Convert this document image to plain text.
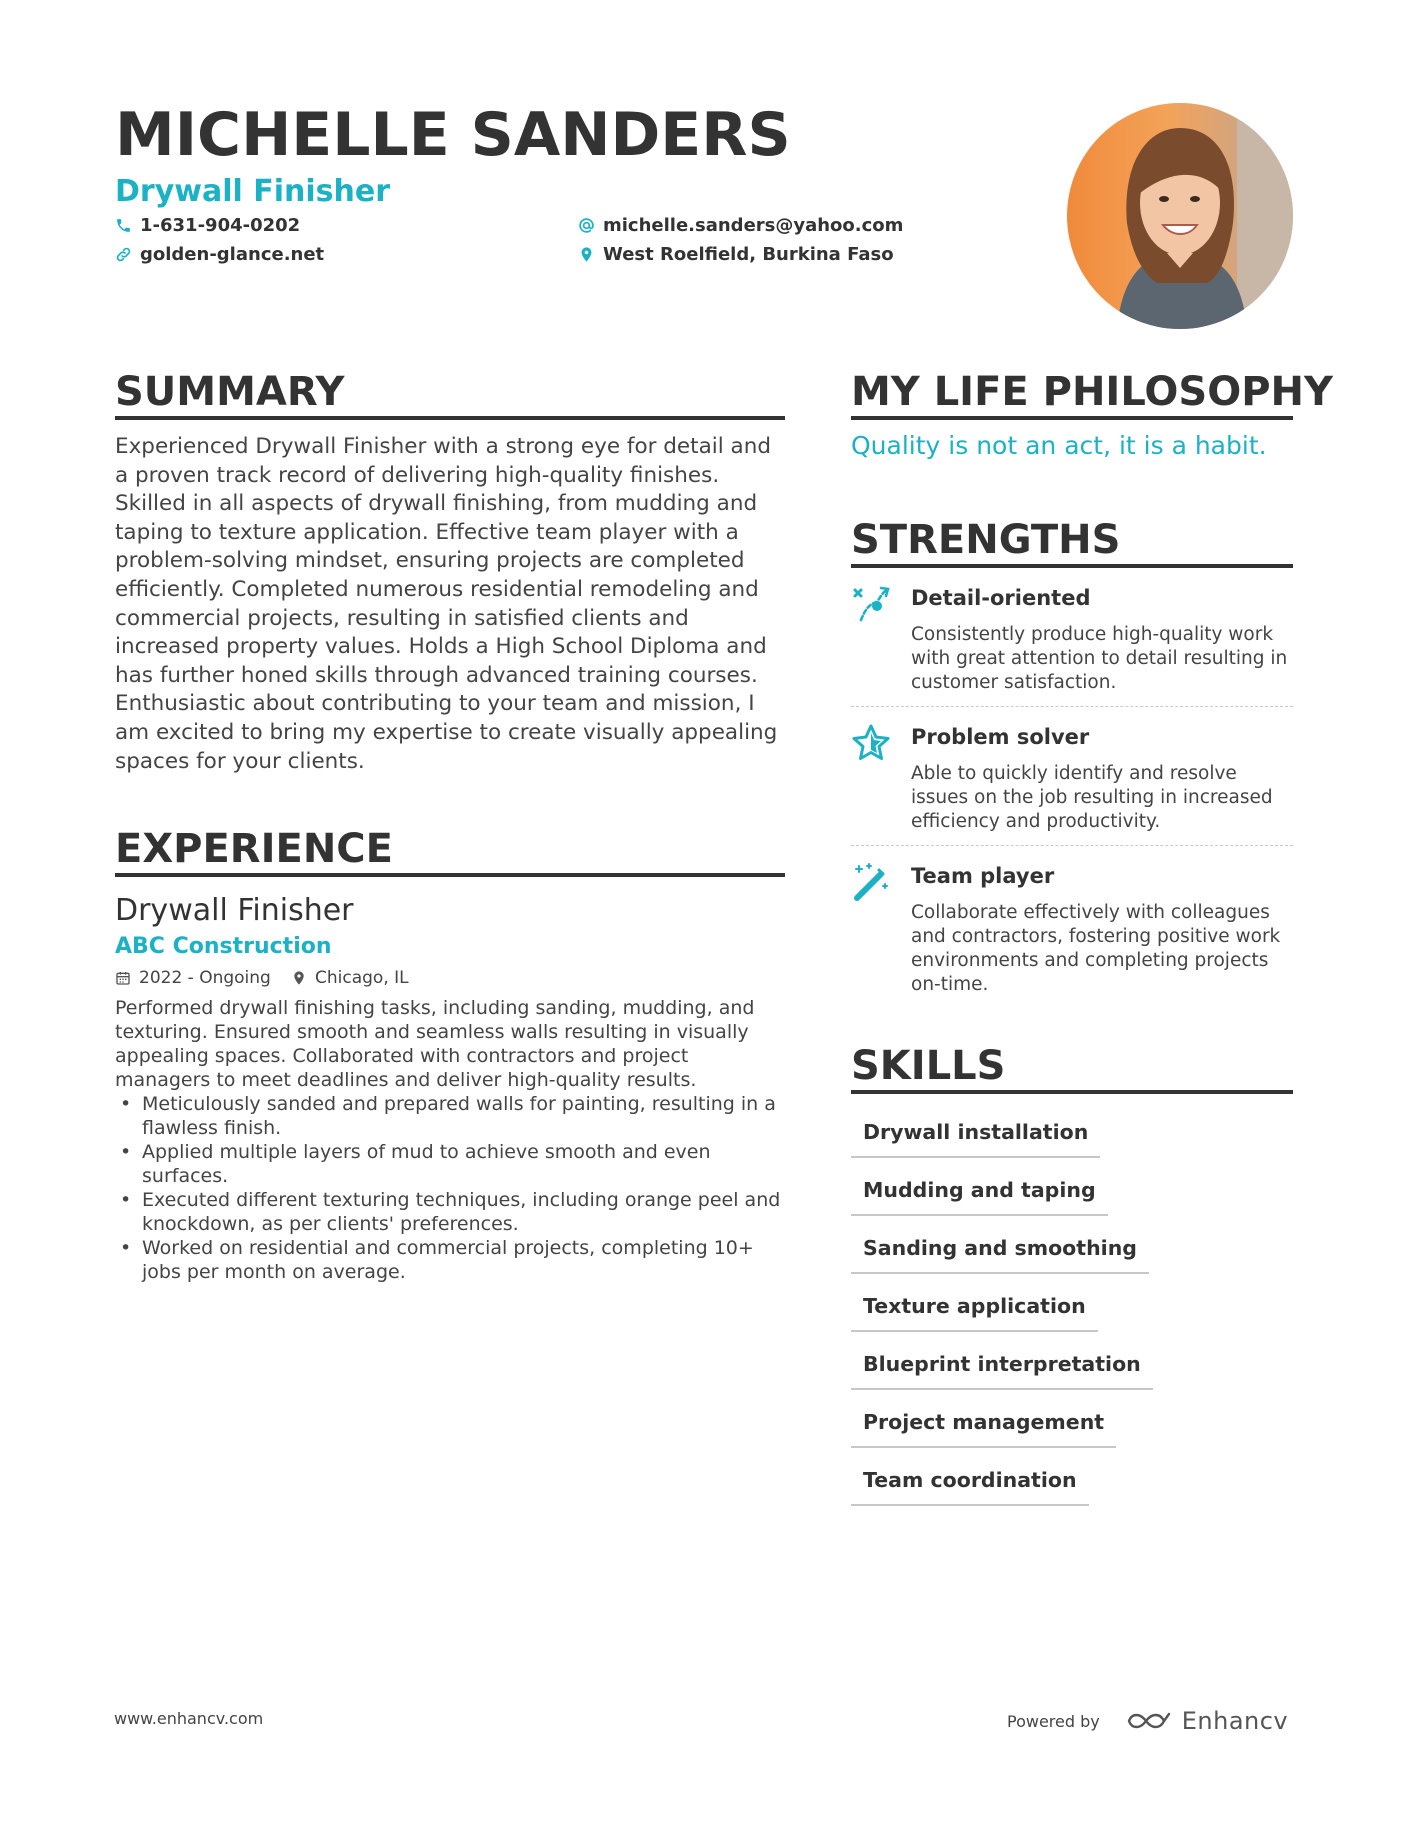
MICHELLE SANDERS
Drywall Finisher
1-631-904-0202
golden-glance.net
michelle.sanders@yahoo.com
West Roelfield, Burkina Faso
SUMMARY

Experienced Drywall Finisher with a strong eye for detail and a proven track record of delivering high-quality finishes. Skilled in all aspects of drywall finishing, from mudding and taping to texture application. Effective team player with a problem-solving mindset, ensuring projects are completed efficiently. Completed numerous residential remodeling and commercial projects, resulting in satisfied clients and increased property values. Holds a High School Diploma and has further honed skills through advanced training courses. Enthusiastic about contributing to your team and mission, I am excited to bring my expertise to create visually appealing spaces for your clients.

EXPERIENCE
Drywall Finisher
ABC Construction
2022 - Ongoing	Chicago, IL

Performed drywall finishing tasks, including sanding, mudding, and texturing. Ensured smooth and seamless walls resulting in visually appealing spaces. Collaborated with contractors and project managers to meet deadlines and deliver high-quality results.

• Meticulously sanded and prepared walls for painting, resulting in a flawless finish.
• Applied multiple layers of mud to achieve smooth and even surfaces.
• Executed different texturing techniques, including orange peel and knockdown, as per clients' preferences.
• Worked on residential and commercial projects, completing 10+ jobs per month on average.
MY LIFE PHILOSOPHY
Quality is not an act, it is a habit.
STRENGTHS
Detail-oriented

Consistently produce high-quality work with great attention to detail resulting in customer satisfaction.

Problem solver

Able to quickly identify and resolve issues on the job resulting in increased efficiency and productivity.

Team player

Collaborate effectively with colleagues and contractors, fostering positive work environments and completing projects on-time.

SKILLS
Drywall installation
Mudding and taping
Sanding and smoothing
Texture application
Blueprint interpretation
Project management
Team coordination
www.enhancv.com	Powered by	Enhancv
